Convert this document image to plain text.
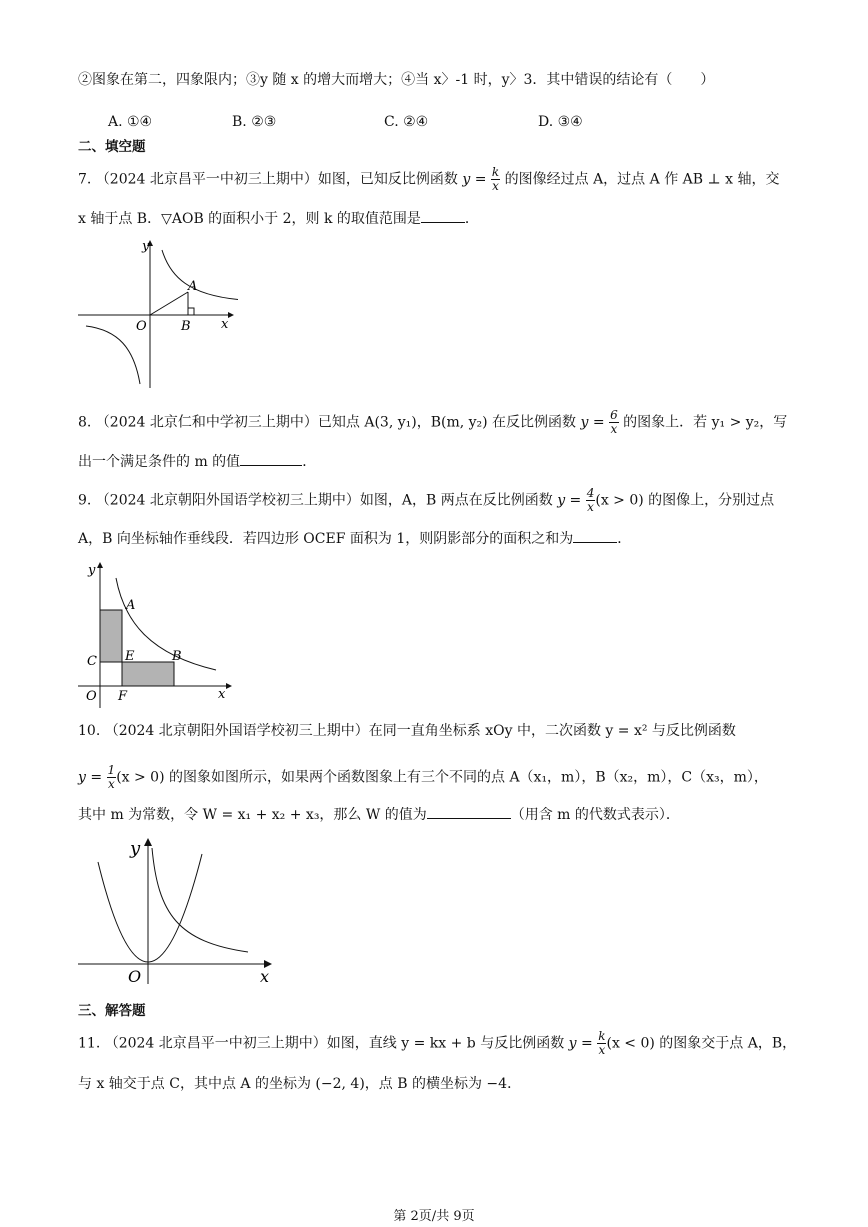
②图象在第二，四象限内；③y 随 x 的增大而增大；④当 x〉-1 时，y〉3．其中错误的结论有（　　）
A. ①④	B. ②③	C. ②④	D. ③④
二、填空题
7. （2024 北京昌平一中初三上期中）如图，已知反比例函数 $y = \frac{k}{x}$ 的图像经过点 A，过点 A 作 AB ⊥ x 轴，交
x 轴于点 B．▽AOB 的面积小于 2，则 k 的取值范围是	．
y
A
O	B x
8. （2024 北京仁和中学初三上期中）已知点 A(3, y₁)，B(m, y₂) 在反比例函数 $y = \frac{6}{x}$ 的图象上．若 y₁ > y₂，写
出一个满足条件的 m 的值	．
9. （2024 北京朝阳外国语学校初三上期中）如图，A，B 两点在反比例函数 $y = \frac{4}{x} (x > 0)$ 的图像上，分别过点
A，B 向坐标轴作垂线段．若四边形 OCEF 面积为 1，则阴影部分的面积之和为	．
y
A
C E	B
O F	x
10. （2024 北京朝阳外国语学校初三上期中）在同一直角坐标系 xOy 中，二次函数 y = x² 与反比例函数
$y = \frac{1}{x} (x > 0)$ 的图象如图所示，如果两个函数图象上有三个不同的点 A（x₁，m），B（x₂，m），C（x₃，m），
其中 m 为常数，令 W = x₁ + x₂ + x₃，那么 W 的值为	（用含 m 的代数式表示）．
y
O	x
三、解答题
11. （2024 北京昌平一中初三上期中）如图，直线 y = kx + b 与反比例函数 $y = \frac{k}{x} (x < 0)$ 的图象交于点 A，B，
与 x 轴交于点 C，其中点 A 的坐标为 (−2, 4)，点 B 的横坐标为 −4．
第 2页/共 9页
